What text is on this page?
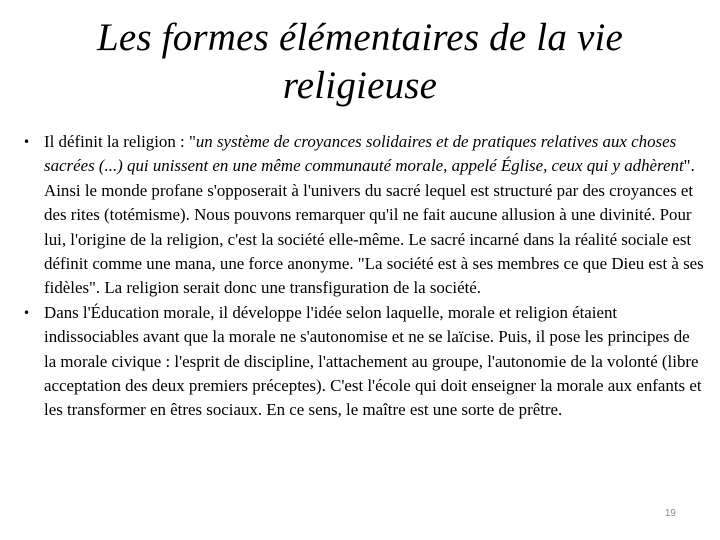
Les formes élémentaires de la vie
religieuse
• Il définit la religion : "un système de croyances solidaires et de pratiques relatives aux choses sacrées (...) qui unissent en une même communauté morale, appelé Église, ceux qui y adhèrent". Ainsi le monde profane s'opposerait à l'univers du sacré lequel est structuré par des croyances et des rites (totémisme). Nous pouvons remarquer qu'il ne fait aucune allusion à une divinité. Pour lui, l'origine de la religion, c'est la société elle-même. Le sacré incarné dans la réalité sociale est définit comme une mana, une force anonyme. "La société est à ses membres ce que Dieu est à ses fidèles". La religion serait donc une transfiguration de la société.
• Dans l'Éducation morale, il développe l'idée selon laquelle, morale et religion étaient indissociables avant que la morale ne s'autonomise et ne se laïcise. Puis, il pose les principes de la morale civique : l'esprit de discipline, l'attachement au groupe, l'autonomie de la volonté (libre acceptation des deux premiers préceptes). C'est l'école qui doit enseigner la morale aux enfants et les transformer en êtres sociaux. En ce sens, le maître est une sorte de prêtre.
19
